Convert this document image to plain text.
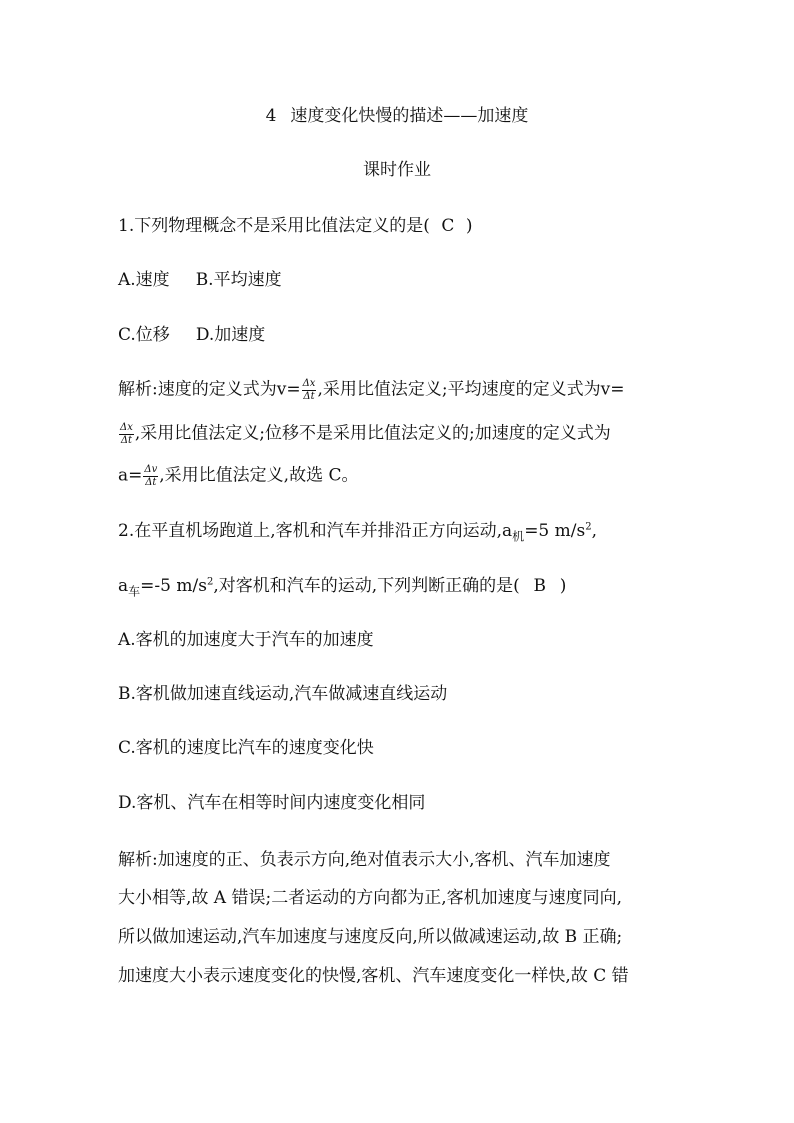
4 速度变化快慢的描述——加速度
课时作业
1.下列物理概念不是采用比值法定义的是( C )
A.速度 B.平均速度
C.位移 D.加速度
解析:速度的定义式为$v= \frac{\Delta x}{\Delta t}$ ,采用比值法定义;平均速度的定义式为v=
$\frac{\Delta x}{\Delta t}$ ,采用比值法定义;位移不是采用比值法定义的;加速度的定义式为
$a= \frac{\Delta v}{\Delta t}$ ,采用比值法定义,故选 C。
2.在平直机场跑道上,客机和汽车并排沿正方向运动$,a_机=5$ $m/s^2$,
$a_车=-5$ $m/s^2$,对客机和汽车的运动,下列判断正确的是( B )
A.客机的加速度大于汽车的加速度
B.客机做加速直线运动,汽车做减速直线运动
C.客机的速度比汽车的速度变化快
D.客机、汽车在相等时间内速度变化相同
解析:加速度的正、负表示方向,绝对值表示大小,客机、汽车加速度
大小相等,故 A 错误;二者运动的方向都为正,客机加速度与速度同向,
所以做加速运动,汽车加速度与速度反向,所以做减速运动,故 B 正确;
加速度大小表示速度变化的快慢,客机、汽车速度变化一样快,故 C 错
